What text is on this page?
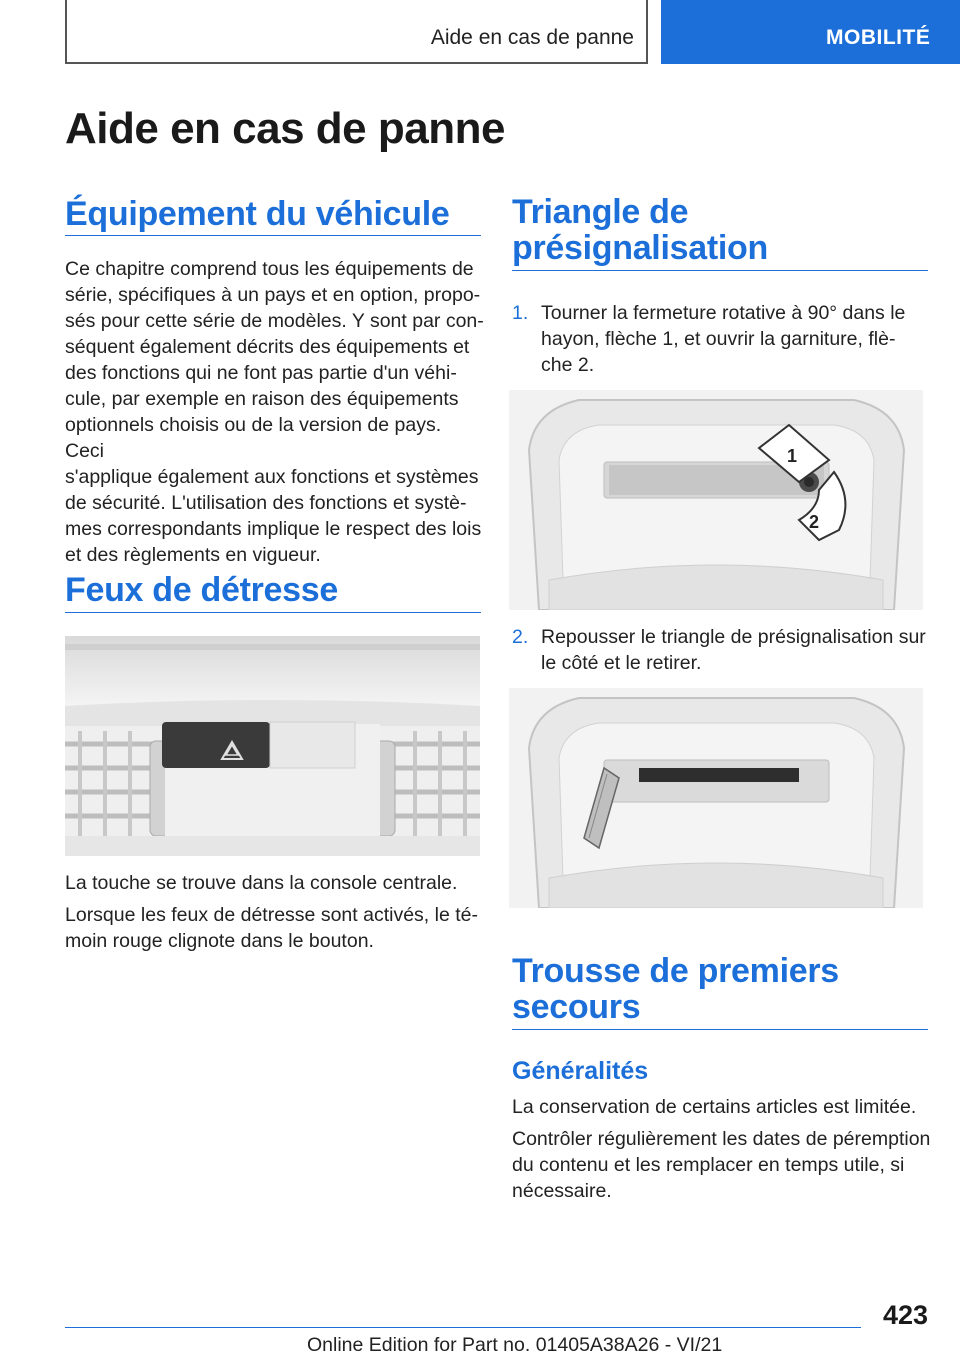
Aide en cas de panne	MOBILITÉ
Aide en cas de panne
Équipement du véhicule
Ce chapitre comprend tous les équipements de
série, spécifiques à un pays et en option, propo-
sés pour cette série de modèles. Y sont par con-
séquent également décrits des équipements et
des fonctions qui ne font pas partie d'un véhi-
cule, par exemple en raison des équipements
optionnels choisis ou de la version de pays. Ceci
s'applique également aux fonctions et systèmes
de sécurité. L'utilisation des fonctions et systè-
mes correspondants implique le respect des lois
et des règlements en vigueur.
Feux de détresse
La touche se trouve dans la console centrale.
Lorsque les feux de détresse sont activés, le té-
moin rouge clignote dans le bouton.
Triangle de
présignalisation
1. Tourner la fermeture rotative à 90° dans le
hayon, flèche 1, et ouvrir la garniture, flè-
che 2.
1
2
2. Repousser le triangle de présignalisation sur
le côté et le retirer.
Trousse de premiers
secours
Généralités
La conservation de certains articles est limitée.
Contrôler régulièrement les dates de péremption
du contenu et les remplacer en temps utile, si
nécessaire.
423
Online Edition for Part no. 01405A38A26 - VI/21
